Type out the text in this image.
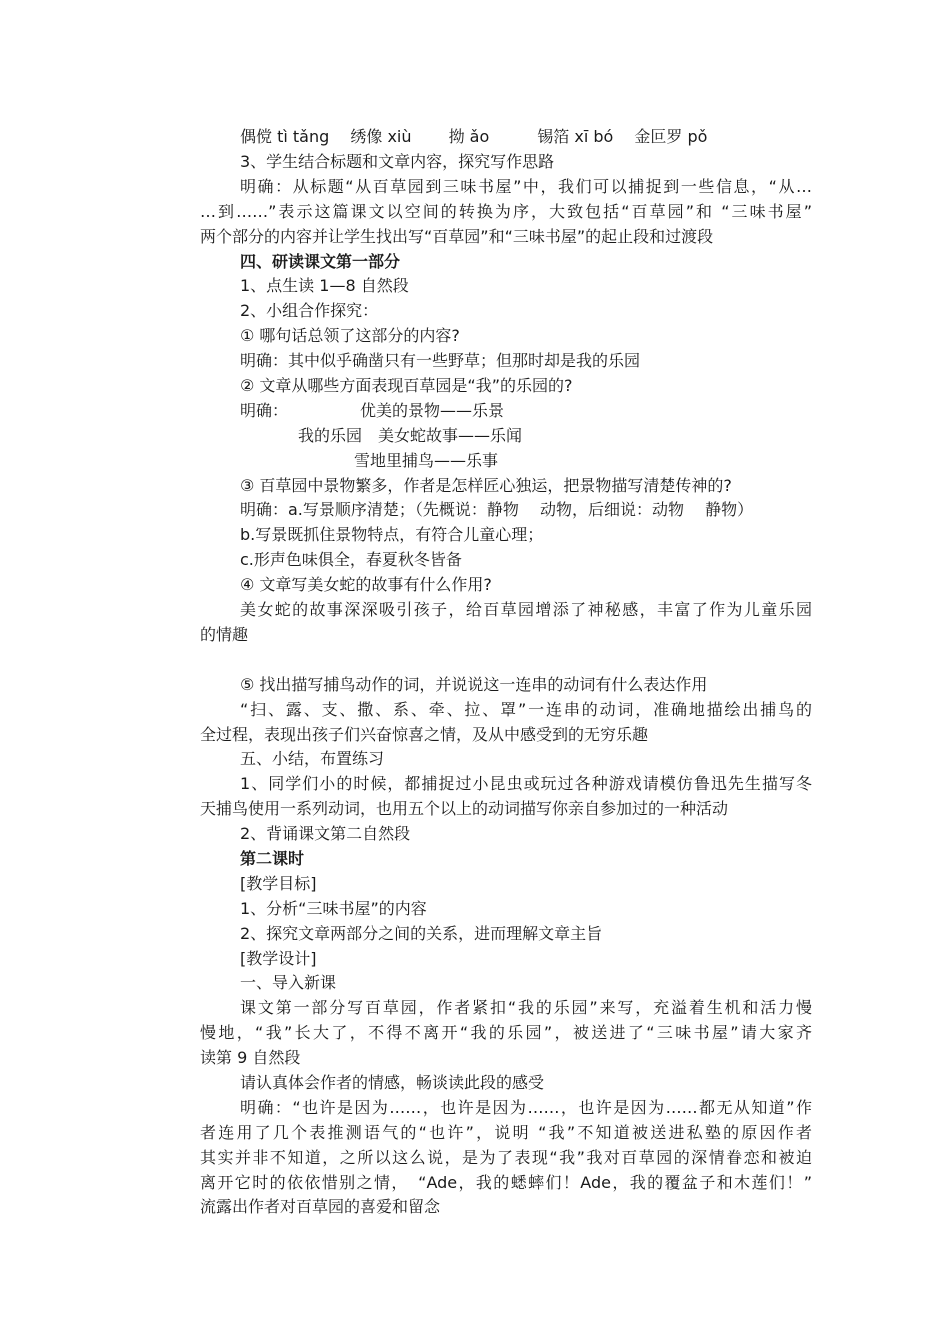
偶傥 tì tǎng　 绣像 xiù　　 拗 ǎo　　　锡箔 xī bó　 金叵罗 pǒ
3、学生结合标题和文章内容，探究写作思路
明确：从标题“从百草园到三味书屋”中，我们可以捕捉到一些信息，“从…
…到……”表示这篇课文以空间的转换为序，大致包括“百草园”和 “三味书屋”
两个部分的内容并让学生找出写“百草园”和“三味书屋”的起止段和过渡段
四、研读课文第一部分
1、点生读 1—8 自然段
2、小组合作探究：
① 哪句话总领了这部分的内容?
明确：其中似乎确凿只有一些野草；但那时却是我的乐园
② 文章从哪些方面表现百草园是“我”的乐园的?
明确：　　　　　优美的景物——乐景
我的乐园　美女蛇故事——乐闻
雪地里捕鸟——乐事
③ 百草园中景物繁多，作者是怎样匠心独运，把景物描写清楚传神的?
明确：a.写景顺序清楚；（先概说：静物　 动物，后细说：动物　 静物）
b.写景既抓住景物特点，有符合儿童心理；
c.形声色味俱全，春夏秋冬皆备
④ 文章写美女蛇的故事有什么作用?
美女蛇的故事深深吸引孩子，给百草园增添了神秘感，丰富了作为儿童乐园
的情趣
⑤ 找出描写捕鸟动作的词，并说说这一连串的动词有什么表达作用
“扫、露、支、撒、系、牵、拉、罩”一连串的动词，准确地描绘出捕鸟的
全过程，表现出孩子们兴奋惊喜之情，及从中感受到的无穷乐趣
五、小结，布置练习
1、同学们小的时候，都捕捉过小昆虫或玩过各种游戏请模仿鲁迅先生描写冬
天捕鸟使用一系列动词，也用五个以上的动词描写你亲自参加过的一种活动
2、背诵课文第二自然段
第二课时
[教学目标]
1、分析“三味书屋”的内容
2、探究文章两部分之间的关系，进而理解文章主旨
[教学设计]
一、导入新课
课文第一部分写百草园，作者紧扣“我的乐园”来写，充溢着生机和活力慢
慢地，“我”长大了，不得不离开“我的乐园”，被送进了“三味书屋”请大家齐
读第 9 自然段
请认真体会作者的情感，畅谈读此段的感受
明确：“也许是因为……，也许是因为……，也许是因为……都无从知道”作
者连用了几个表推测语气的“也许”，说明 “我”不知道被送进私塾的原因作者
其实并非不知道，之所以这么说，是为了表现“我”我对百草园的深情眷恋和被迫
离开它时的依依惜别之情，　“Ade，我的蟋蟀们！Ade，我的覆盆子和木莲们！”
流露出作者对百草园的喜爱和留念
